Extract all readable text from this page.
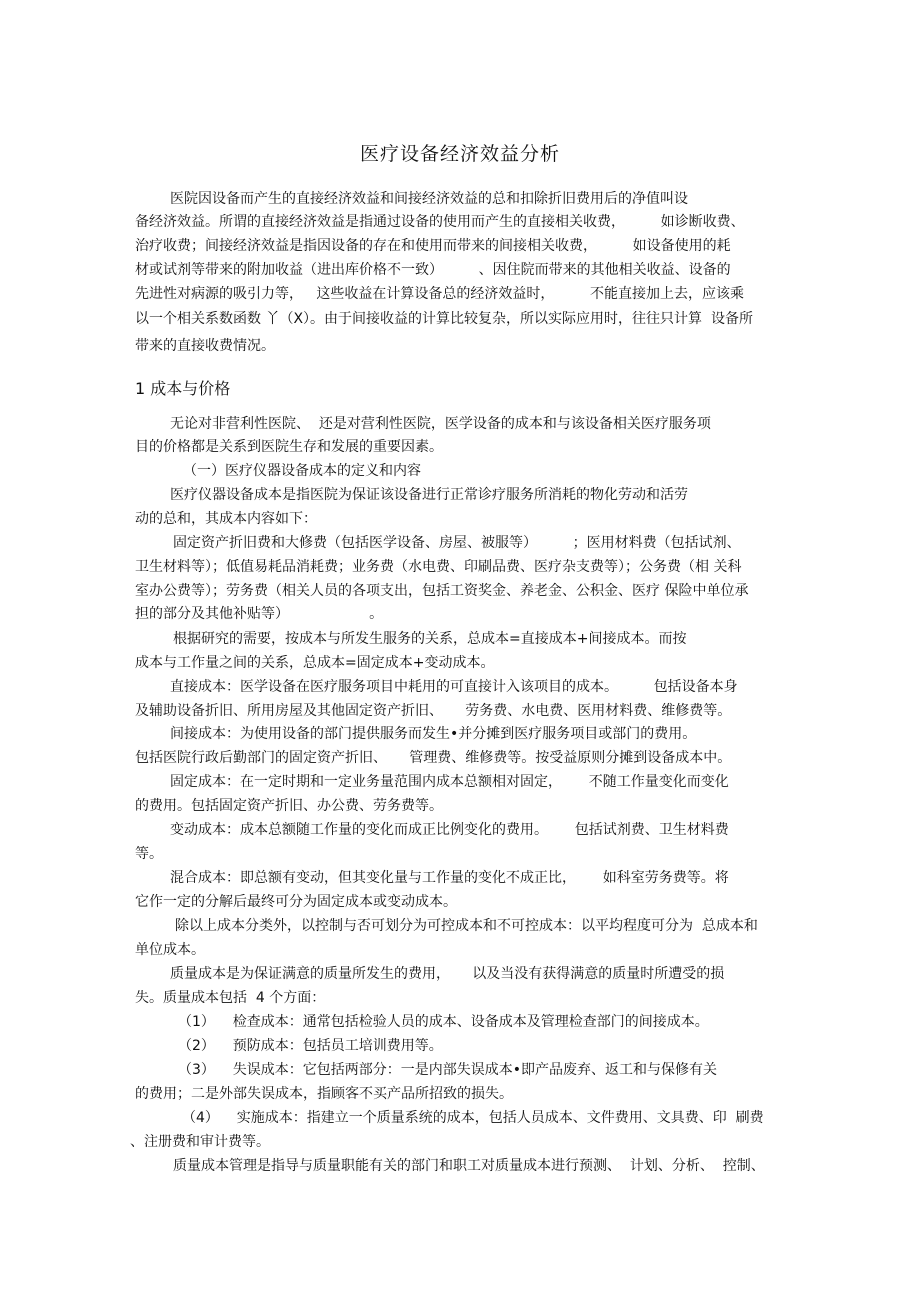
医疗设备经济效益分析
医院因设备而产生的直接经济效益和间接经济效益的总和扣除折旧费用后的净值叫设
备经济效益。所谓的直接经济效益是指通过设备的使用而产生的直接相关收费，        如诊断收费、
治疗收费；间接经济效益是指因设备的存在和使用而带来的间接相关收费，        如设备使用的耗
材或试剂等带来的附加收益（进出库价格不一致）        、因住院而带来的其他相关收益、设备的
先进性对病源的吸引力等，   这些收益在计算设备总的经济效益时，        不能直接加上去，应该乘
以一个相关系数函数 丫（X）。由于间接收益的计算比较复杂，所以实际应用时，往往只计算  设备所
带来的直接收费情况。
1 成本与价格
无论对非营利性医院、  还是对营利性医院，医学设备的成本和与该设备相关医疗服务项
目的价格都是关系到医院生存和发展的重要因素。
（一）医疗仪器设备成本的定义和内容
医疗仪器设备成本是指医院为保证该设备进行正常诊疗服务所消耗的物化劳动和活劳
动的总和，其成本内容如下：
固定资产折旧费和大修费（包括医学设备、房屋、被服等）        ；医用材料费（包括试剂、
卫生材料等）；低值易耗品消耗费；业务费（水电费、印刷品费、医疗杂支费等）；公务费（相 关科
室办公费等）；劳务费（相关人员的各项支出，包括工资奖金、养老金、公积金、医疗 保险中单位承
担的部分及其他补贴等）                  。
根据研究的需要，按成本与所发生服务的关系，总成本=直接成本+间接成本。而按
成本与工作量之间的关系，总成本=固定成本+变动成本。
直接成本：医学设备在医疗服务项目中耗用的可直接计入该项目的成本。        包括设备本身
及辅助设备折旧、所用房屋及其他固定资产折旧、     劳务费、水电费、医用材料费、维修费等。
间接成本：为使用设备的部门提供服务而发生•并分摊到医疗服务项目或部门的费用。
包括医院行政后勤部门的固定资产折旧、     管理费、维修费等。按受益原则分摊到设备成本中。
固定成本：在一定时期和一定业务量范围内成本总额相对固定，      不随工作量变化而变化
的费用。包括固定资产折旧、办公费、劳务费等。
变动成本：成本总额随工作量的变化而成正比例变化的费用。      包括试剂费、卫生材料费
等。
混合成本：即总额有变动，但其变化量与工作量的变化不成正比，      如科室劳务费等。将
它作一定的分解后最终可分为固定成本或变动成本。
除以上成本分类外，以控制与否可划分为可控成本和不可控成本：以平均程度可分为  总成本和
单位成本。
质量成本是为保证满意的质量所发生的费用，     以及当没有获得满意的质量时所遭受的损
失。质量成本包括  4 个方面：
（1）    检查成本：通常包括检验人员的成本、设备成本及管理检查部门的间接成本。
（2）    预防成本：包括员工培训费用等。
（3）    失误成本：它包括两部分：一是内部失误成本•即产品废弃、返工和与保修有关
的费用；二是外部失误成本，指顾客不买产品所招致的损失。
（4）    实施成本：指建立一个质量系统的成本，包括人员成本、文件费用、文具费、印  刷费
、注册费和审计费等。
质量成本管理是指导与质量职能有关的部门和职工对质量成本进行预测、  计划、分析、  控制、
